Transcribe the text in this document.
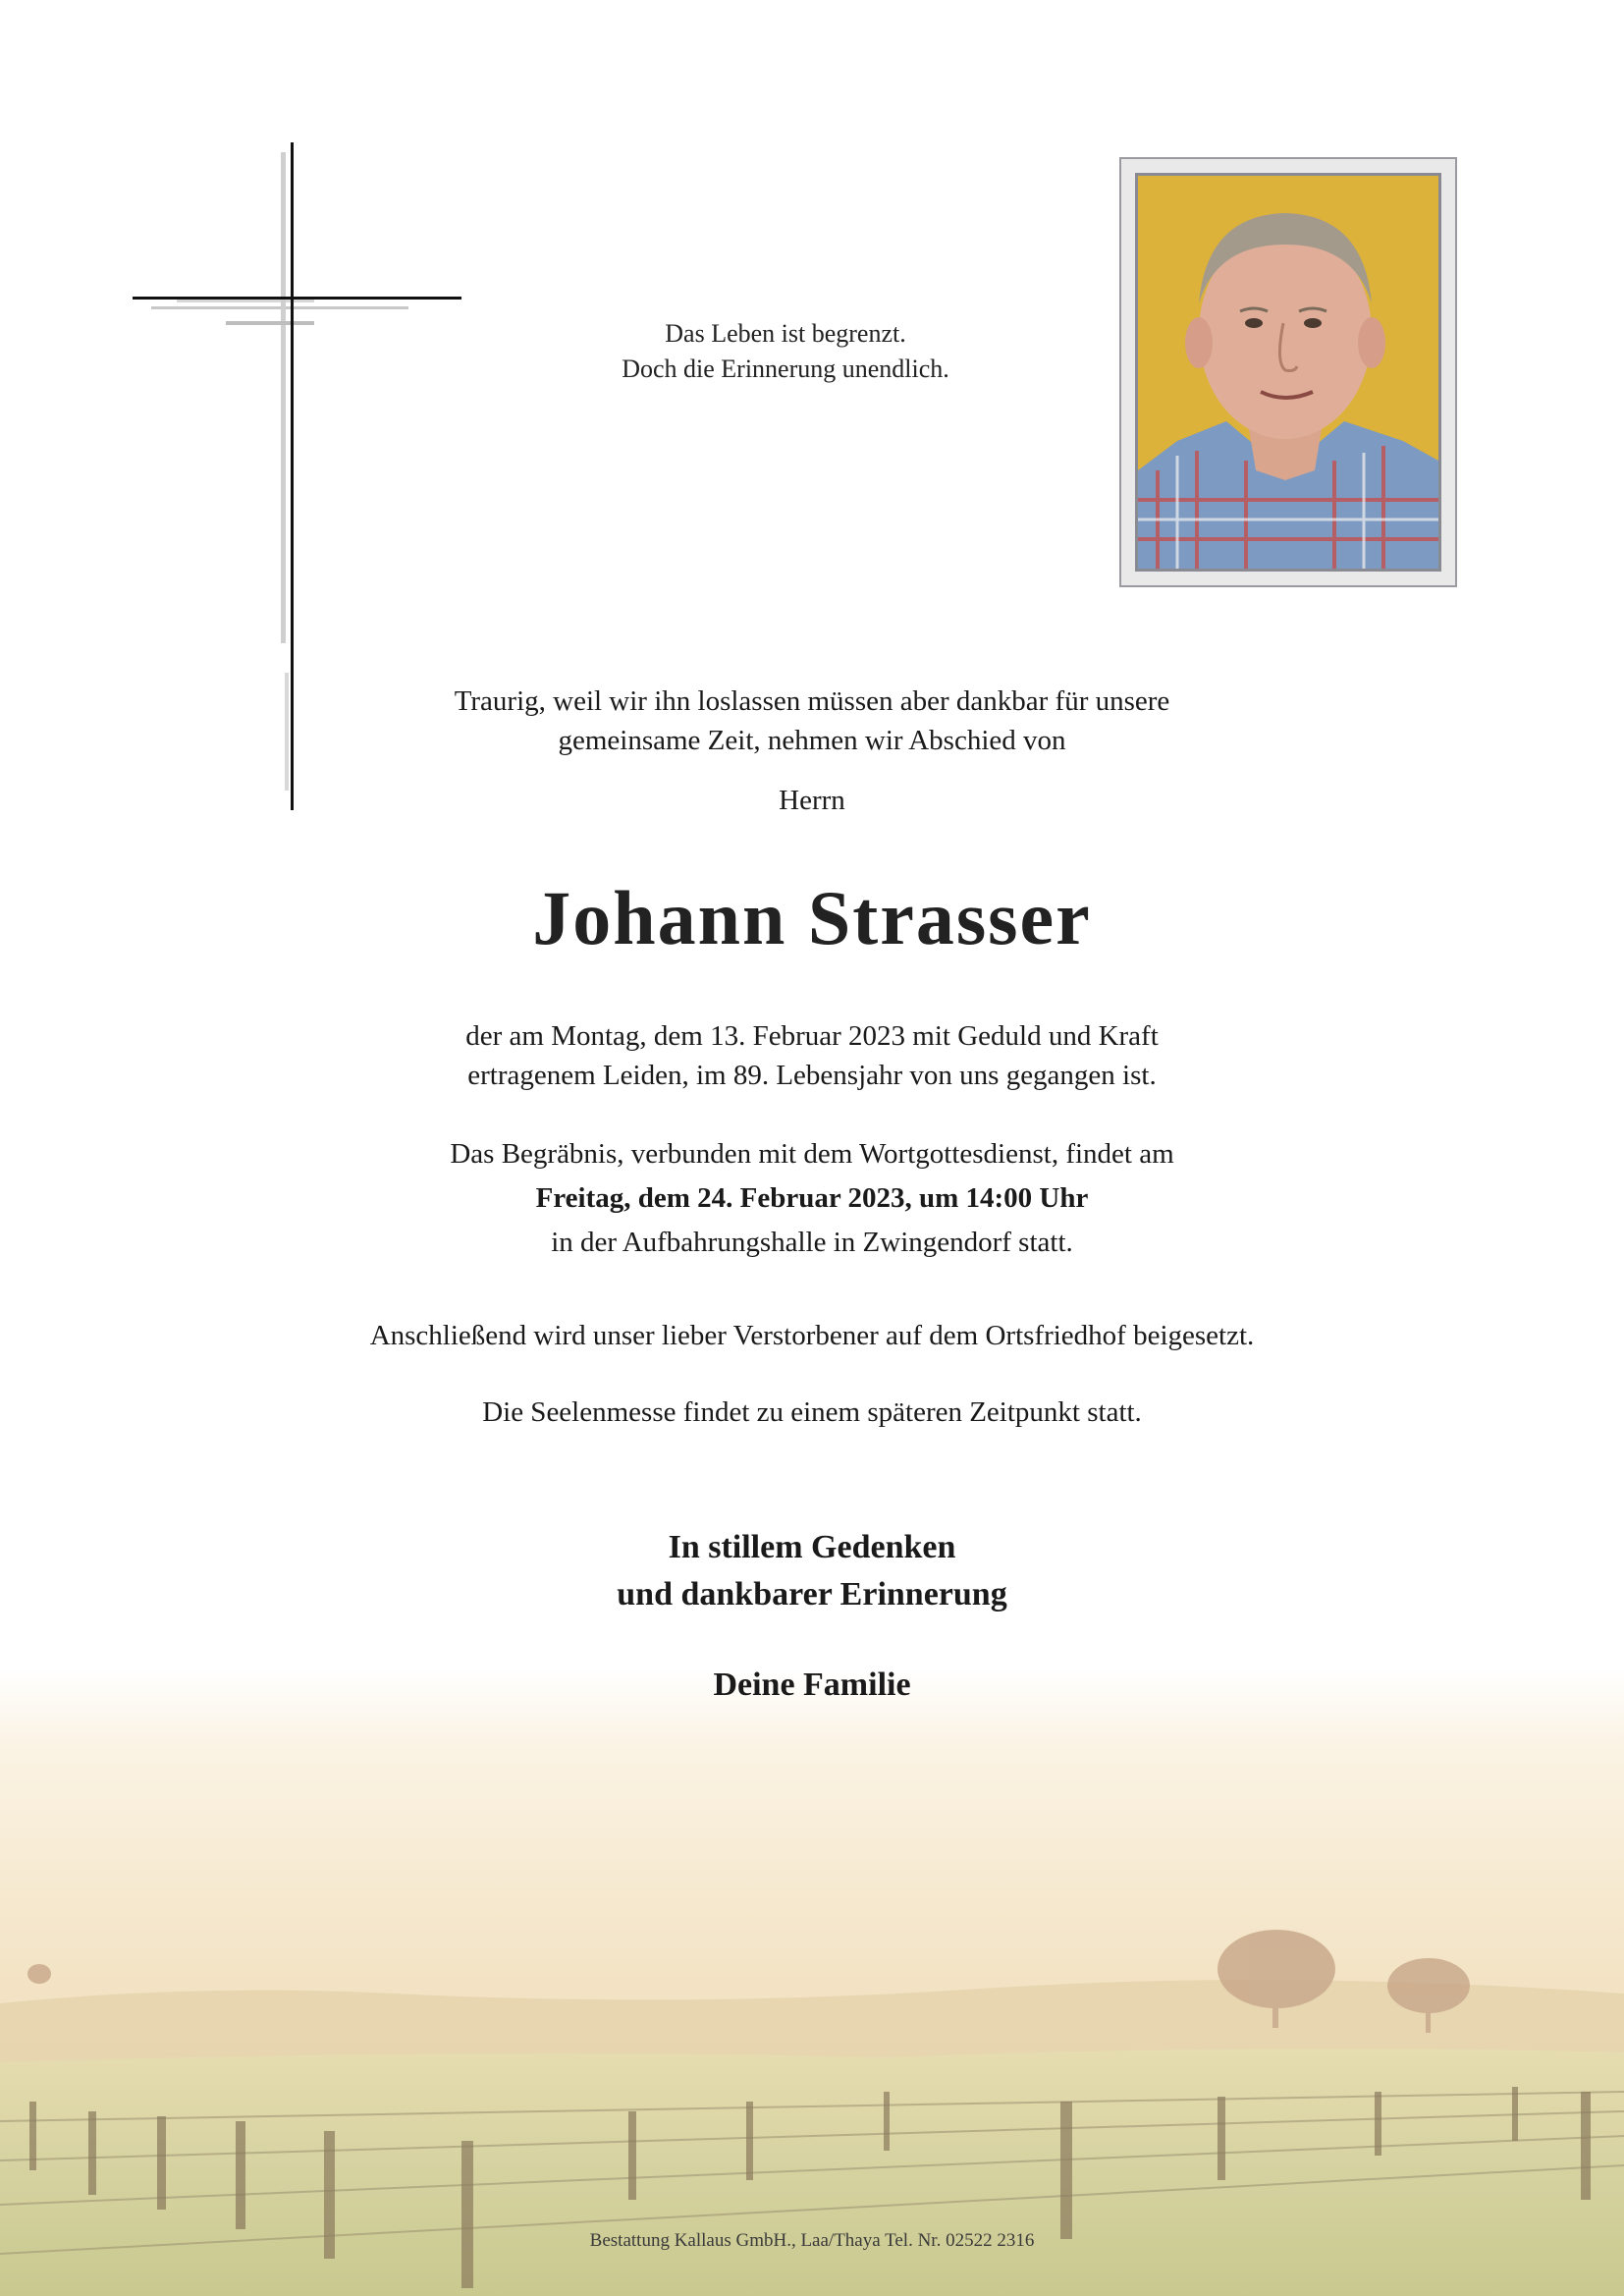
Das Leben ist begrenzt.
Doch die Erinnerung unendlich.
Traurig, weil wir ihn loslassen müssen aber dankbar für unsere
gemeinsame Zeit, nehmen wir Abschied von
Herrn
Johann Strasser
der am Montag, dem 13. Februar 2023 mit Geduld und Kraft
ertragenem Leiden, im 89. Lebensjahr von uns gegangen ist.
Das Begräbnis, verbunden mit dem Wortgottesdienst, findet am
Freitag, dem 24. Februar 2023, um 14:00 Uhr
in der Aufbahrungshalle in Zwingendorf statt.
Anschließend wird unser lieber Verstorbener auf dem Ortsfriedhof beigesetzt.
Die Seelenmesse findet zu einem späteren Zeitpunkt statt.
In stillem Gedenken
und dankbarer Erinnerung
Deine Familie
Bestattung Kallaus GmbH., Laa/Thaya Tel. Nr. 02522 2316
